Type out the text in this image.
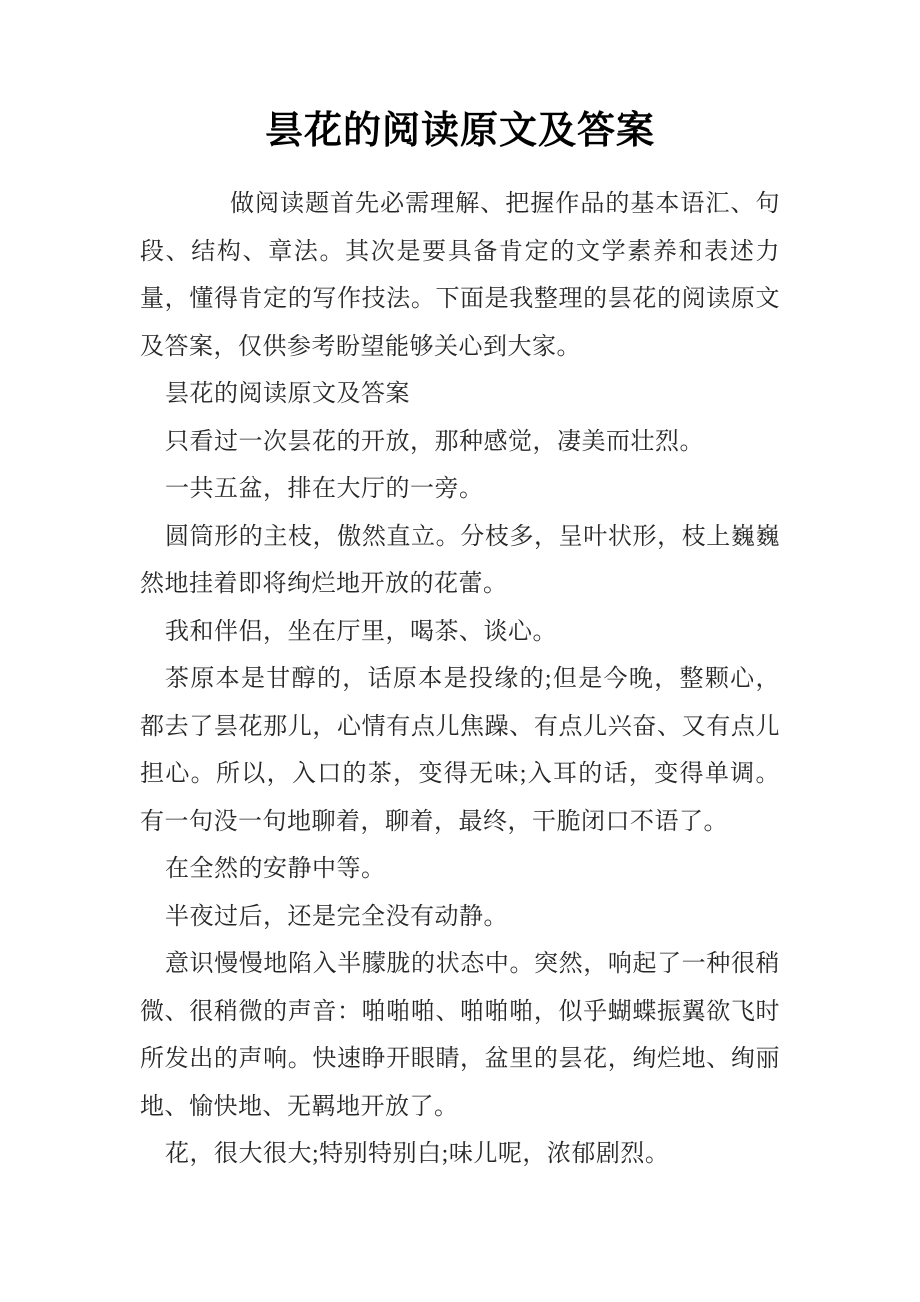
昙花的阅读原文及答案

做阅读题首先必需理解、把握作品的基本语汇、句段、结构、章法。其次是要具备肯定的文学素养和表述力量，懂得肯定的写作技法。下面是我整理的昙花的阅读原文及答案，仅供参考盼望能够关心到大家。

昙花的阅读原文及答案

只看过一次昙花的开放，那种感觉，凄美而壮烈。

一共五盆，排在大厅的一旁。

圆筒形的主枝，傲然直立。分枝多，呈叶状形，枝上巍巍然地挂着即将绚烂地开放的花蕾。

我和伴侣，坐在厅里，喝茶、谈心。

茶原本是甘醇的，话原本是投缘的;但是今晚，整颗心，都去了昙花那儿，心情有点儿焦躁、有点儿兴奋、又有点儿担心。所以，入口的茶，变得无味;入耳的话，变得单调。有一句没一句地聊着，聊着，最终，干脆闭口不语了。

在全然的安静中等。

半夜过后，还是完全没有动静。

意识慢慢地陷入半朦胧的状态中。突然，响起了一种很稍微、很稍微的声音：啪啪啪、啪啪啪，似乎蝴蝶振翼欲飞时所发出的声响。快速睁开眼睛，盆里的昙花，绚烂地、绚丽地、愉快地、无羁地开放了。

花，很大很大;特别特别白;味儿呢，浓郁剧烈。
